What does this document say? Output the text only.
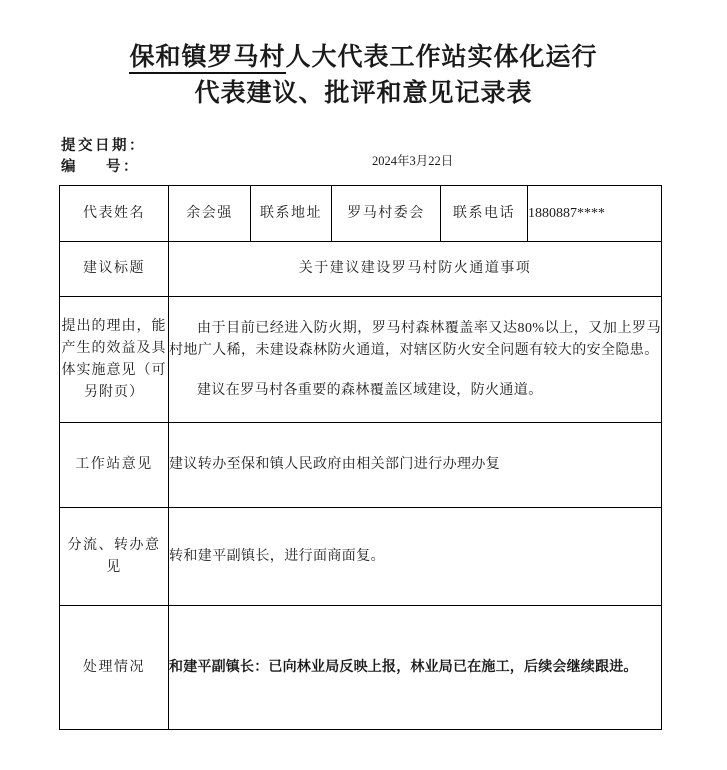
保和镇罗马村人大代表工作站实体化运行
代表建议、批评和意见记录表
提交日期：
编 号：	2024年3月22日
代表姓名	余会强	联系地址	罗马村委会	联系电话	1880887****
建议标题	关于建议建设罗马村防火通道事项				
提出的理由，能产生的效益及具体实施意见（可另附页）	由于目前已经进入防火期，罗马村森林覆盖率又达80%以上，又加上罗马村地广人稀，未建设森林防火通道，对辖区防火安全问题有较大的安全隐患。

建议在罗马村各重要的森林覆盖区域建设，防火通道。				

工作站意见	建议转办至保和镇人民政府由相关部门进行办理办复				
分流、转办意见	转和建平副镇长，进行面商面复。				
处理情况	和建平副镇长：已向林业局反映上报，林业局已在施工，后续会继续跟进。				
